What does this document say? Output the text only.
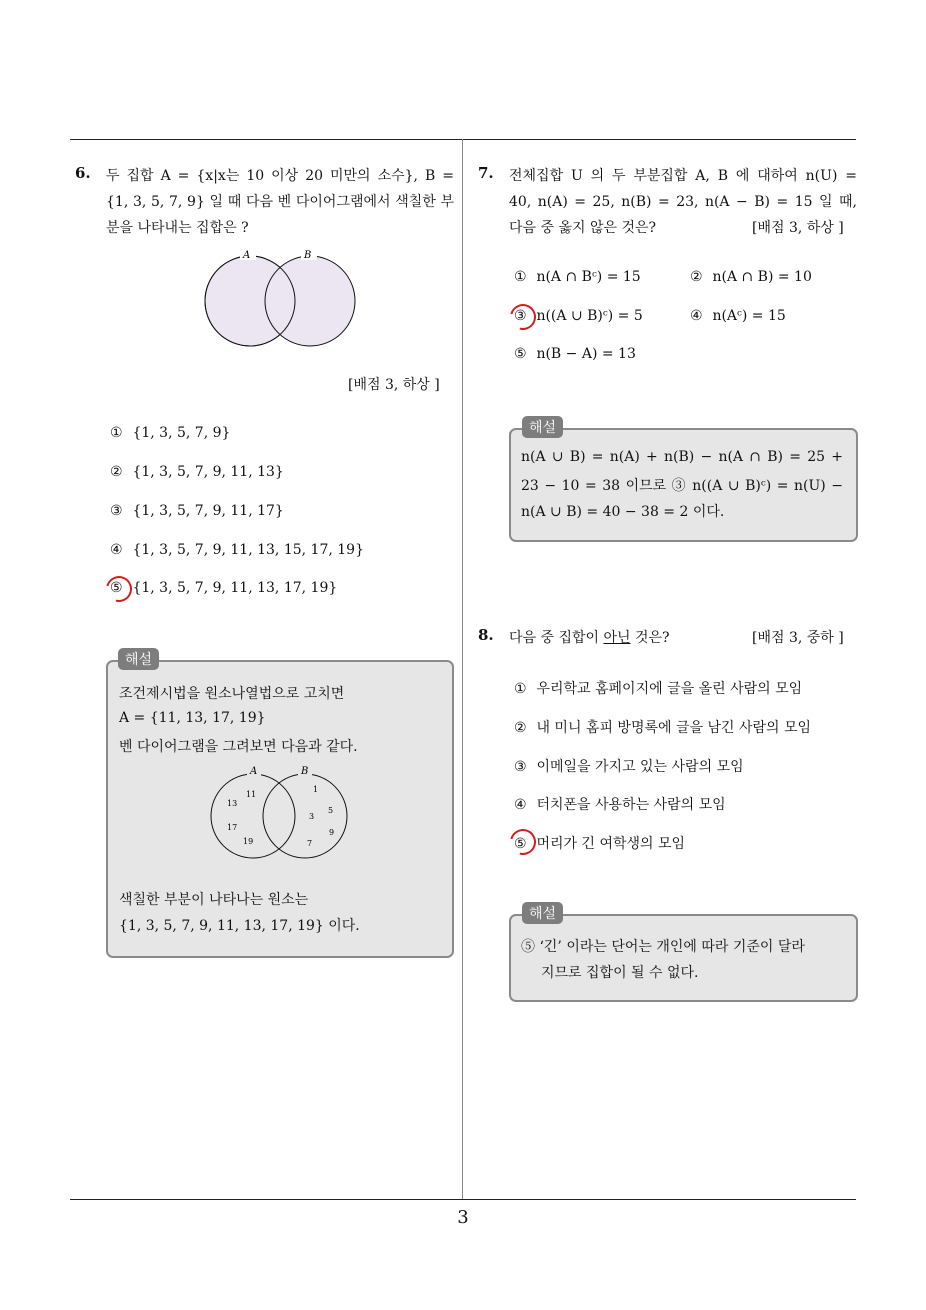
3
6. 두 집합 A = {x|x는 10 이상 20 미만의 소수}, B =
{1, 3, 5, 7, 9} 일 때 다음 벤 다이어그램에서 색칠한 부
분을 나타내는 집합은 ?
A	B
[배점 3, 하상 ]
① {1, 3, 5, 7, 9}
② {1, 3, 5, 7, 9, 11, 13}
③ {1, 3, 5, 7, 9, 11, 17}
④ {1, 3, 5, 7, 9, 11, 13, 15, 17, 19}
⑤ {1, 3, 5, 7, 9, 11, 13, 17, 19}
해설
조건제시법을 원소나열법으로 고치면
A = {11, 13, 17, 19}
벤 다이어그램을 그려보면 다음과 같다.
A	B
11
13
17
19
1
3
5
9
7
색칠한 부분이 나타나는 원소는
{1, 3, 5, 7, 9, 11, 13, 17, 19} 이다.
7. 전체집합 U 의 두 부분집합 A, B 에 대하여 n(U) =
40, n(A) = 25, n(B) = 23, n(A − B) = 15 일 때,
다음 중 옳지 않은 것은?	[배점 3, 하상 ]
① n(A ∩ Bᶜ) = 15	② n(A ∩ B) = 10
③ n((A ∪ B)ᶜ) = 5	④ n(Aᶜ) = 15
⑤ n(B − A) = 13
해설
n(A ∪ B) = n(A) + n(B) − n(A ∩ B) = 25 +
23 − 10 = 38 이므로 ③ n((A ∪ B)ᶜ) = n(U) −
n(A ∪ B) = 40 − 38 = 2 이다.
8. 다음 중 집합이 아닌 것은?	[배점 3, 중하 ]
① 우리학교 홈페이지에 글을 올린 사람의 모임
② 내 미니 홈피 방명록에 글을 남긴 사람의 모임
③ 이메일을 가지고 있는 사람의 모임
④ 터치폰을 사용하는 사람의 모임
⑤ 머리가 긴 여학생의 모임
해설
⑤ ‘긴’ 이라는 단어는 개인에 따라 기준이 달라
지므로 집합이 될 수 없다.
